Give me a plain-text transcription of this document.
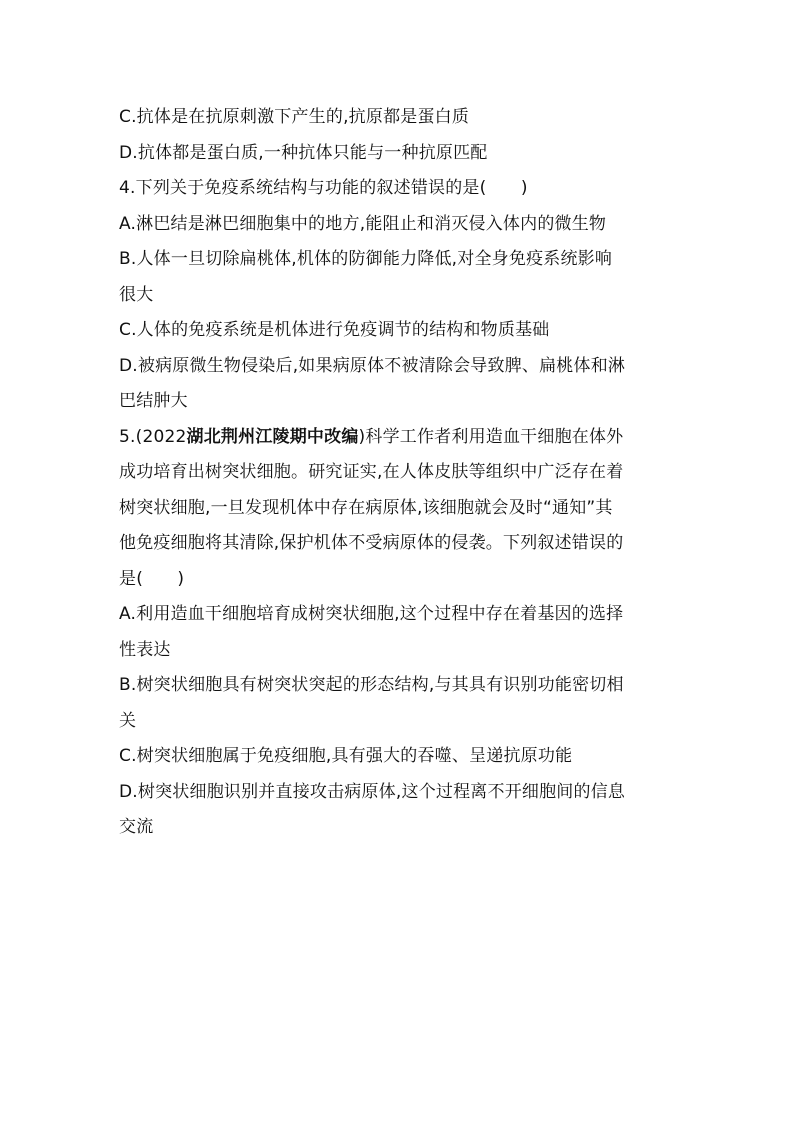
C.抗体是在抗原刺激下产生的,抗原都是蛋白质
D.抗体都是蛋白质,一种抗体只能与一种抗原匹配
4.下列关于免疫系统结构与功能的叙述错误的是(　　)
A.淋巴结是淋巴细胞集中的地方,能阻止和消灭侵入体内的微生物
B.人体一旦切除扁桃体,机体的防御能力降低,对全身免疫系统影响
很大
C.人体的免疫系统是机体进行免疫调节的结构和物质基础
D.被病原微生物侵染后,如果病原体不被清除会导致脾、扁桃体和淋
巴结肿大
5.(2022湖北荆州江陵期中改编)科学工作者利用造血干细胞在体外
成功培育出树突状细胞。研究证实,在人体皮肤等组织中广泛存在着
树突状细胞,一旦发现机体中存在病原体,该细胞就会及时“通知”其
他免疫细胞将其清除,保护机体不受病原体的侵袭。下列叙述错误的
是(　　)
A.利用造血干细胞培育成树突状细胞,这个过程中存在着基因的选择
性表达
B.树突状细胞具有树突状突起的形态结构,与其具有识别功能密切相
关
C.树突状细胞属于免疫细胞,具有强大的吞噬、呈递抗原功能
D.树突状细胞识别并直接攻击病原体,这个过程离不开细胞间的信息
交流
